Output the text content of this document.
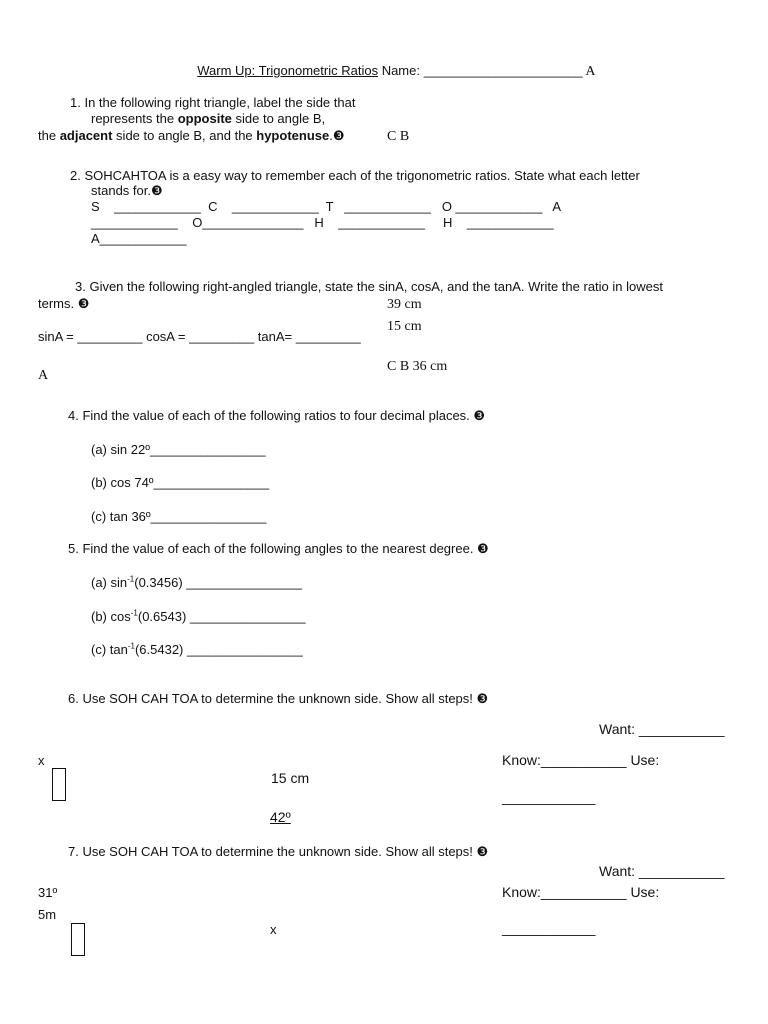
Warm Up: Trigonometric Ratios Name: ______________________ A

1. In the following right triangle, label the side that
represents the opposite side to angle B,
the adjacent side to angle B, and the hypotenuse.❸	C B
2. SOHCAHTOA is a easy way to remember each of the trigonometric ratios. State what each letter
stands for.❸
S    ____________  C    ____________  T   ____________   O ____________   A
____________    O______________   H    ____________     H    ____________
A____________
3. Given the following right-angled triangle, state the sinA, cosA, and the tanA. Write the ratio in lowest
terms. ❸	39 cm
15 cm
sinA = _________ cosA = _________ tanA= _________
C B 36 cm
A
4. Find the value of each of the following ratios to four decimal places. ❸
(a) sin 22º________________
(b) cos 74º________________
(c) tan 36º________________
5. Find the value of each of the following angles to the nearest degree. ❸
(a) $\sin^{-1}(0.3456)$ ________________
(b) $\cos^{-1}(0.6543)$ ________________
(c) $\tan^{-1}(6.5432)$ ________________
6. Use SOH CAH TOA to determine the unknown side. Show all steps! ❸
Want: ___________
x	Know:___________ Use:
15 cm
____________
42º
7. Use SOH CAH TOA to determine the unknown side. Show all steps! ❸
Want: ___________
31º	Know:___________ Use:
5m
x	____________
